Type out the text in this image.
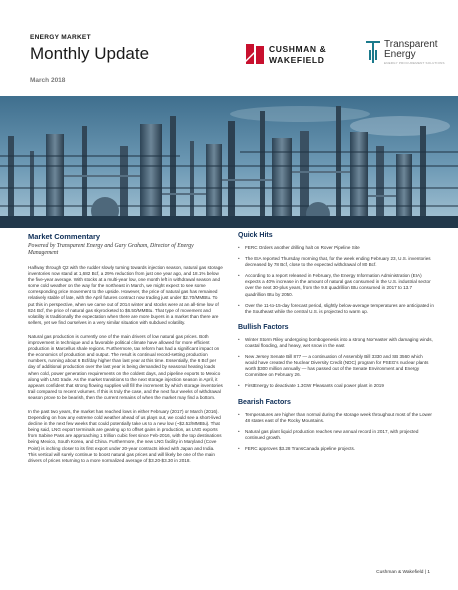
ENERGY MARKET
Monthly Update
March 2018
CUSHMAN &
WAKEFIELD
Transparent
Energy
ENERGY PROCUREMENT SOLUTIONS
Market Commentary
Powered by Transparent Energy and Gary Graham, Director of Energy Management

Halfway through Q2 with the rudder slowly turning towards injection season, natural gas storage inventories now stand at 1,682 Bcf, a 29% reduction from just one year ago, and 18.1% below the five-year average. With stocks at a multi-year low, one month left in withdrawal season and some cold weather on the way for the northeast in March, we might expect to see some corresponding price movement to the upside. However, the price of natural gas has remained relatively stable of late, with the April futures contract now trading just under $2.70/MMBtu. To put this in perspective, when we came out of 2014 winter and stocks were at an all-time low of 824 Bcf, the price of natural gas skyrocketed to $6.50/MMBtu. That type of movement and volatility is traditionally the expectation when there are more buyers in a market than there are sellers, yet we find ourselves in a very similar situation with subdued volatility.

Natural gas production is currently one of the main drivers of low natural gas prices. Both improvement in technique and a favorable political climate have allowed for more efficient production in Marcellus shale regions. Furthermore, tax reform has had a significant impact on the economics of production and output. The result is continual record-setting production numbers, running about 6 Bcf/day higher than last year at this time. Essentially, the 6 Bcf per day of additional production over the last year is being demanded by seasonal heating loads when cold, power generation requirements on the coldest days, and pipeline exports to Mexico along with LNG trade. As the market transitions to the next storage injection season in April, it appears confident that strong flowing supplies will fill the increment by which storage inventories trail compared to recent volumes. If this is truly the case, and the next four weeks of withdrawal season prove to be bearish, then the current remains of when the market may find a bottom.

In the past two years, the market has reached lows in either February (2017) or March (2016). Depending on how any extreme cold weather ahead of us plays out, we could see a short-lived decline in the next few weeks that could potentially take us to a new low (~$2.52/MMBtu). That being said, LNG export terminals are gearing up to offset gains in production, as LNG exports from Sabine Pass are approaching 1 trillion cubic feet since Feb-2016, with the top destinations being Mexico, South Korea, and China. Furthermore, the new LNG facility in Maryland (Cove Point) is inching closer to its first export under 20-year contracts inked with Japan and India. This vertical will surely continue to boost natural gas prices and will likely be one of the main drivers of prices returning to a more normalized average of $3.20-$3.30 in 2018.

Quick Hits
• FERC Orders another drilling halt on Rover Pipeline Site
• The EIA reported Thursday morning that, for the week ending February 23, U.S. inventories decreased by 78 Bcf, close to the expected withdrawal of 80 Bcf.
• According to a report released in February, the Energy Information Administration (EIA) expects a 40% increase in the amount of natural gas consumed in the U.S. industrial sector over the next 30-plus years, from the 9.8 quadrillion Btu consumed in 2017 to 13.7 quadrillion Btu by 2050.
• Over the 11-to-15-day forecast period, slightly below-average temperatures are anticipated in the Southeast while the central U.S. is projected to warm up.
Bullish Factors
• Winter Storm Riley undergoing bombogenesis into a strong Nor'easter with damaging winds, coastal flooding, and heavy, wet snow in the east
• New Jersey Senate Bill 877 — a continuation of Assembly Bill 3330 and SB 3560 which would have created the Nuclear Diversity Credit (NDC) program for PSEG's nuclear plants worth $300 million annually — has passed out of the Senate Environment and Energy Committee on February 26.
• FirstEnergy to deactivate 1.3GW Pleasants coal power plant in 2019
Bearish Factors
• Temperatures are higher than normal during the storage week throughout most of the Lower 48 states east of the Rocky Mountains.
• Natural gas plant liquid production reaches new annual record in 2017, with projected continued growth.
• FERC approves $3.28 TransCanada pipeline projects.
Cushman & Wakefield | 1
